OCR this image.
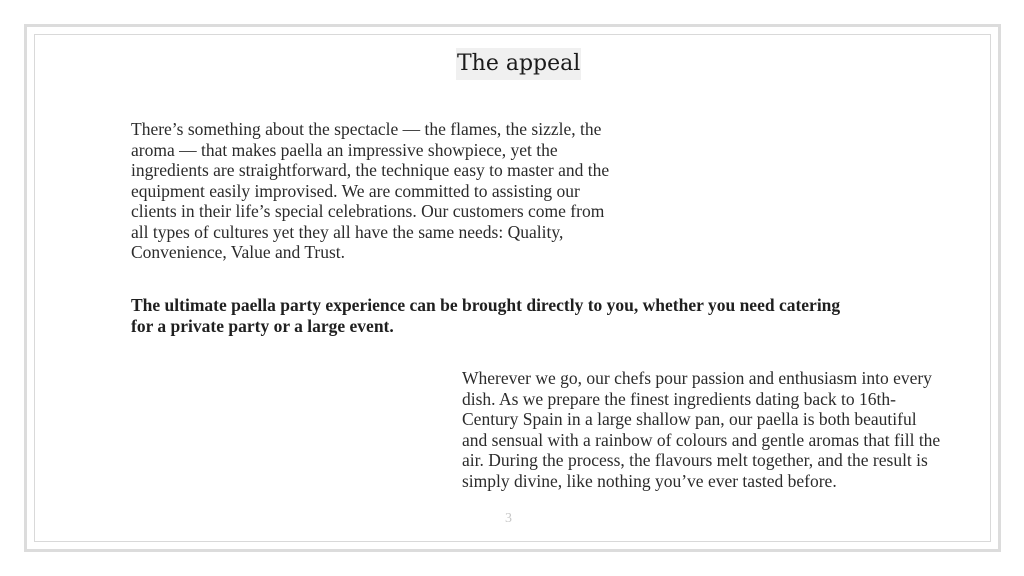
The appeal
There’s something about the spectacle — the flames, the sizzle, the aroma — that makes paella an impressive showpiece, yet the ingredients are straightforward, the technique easy to master and the equipment easily improvised. We are committed to assisting our clients in their life’s special celebrations. Our customers come from all types of cultures yet they all have the same needs: Quality, Convenience, Value and Trust.
The ultimate paella party experience can be brought directly to you, whether you need catering for a private party or a large event.
Wherever we go, our chefs pour passion and enthusiasm into every dish. As we prepare the finest ingredients dating back to 16th-Century Spain in a large shallow pan, our paella is both beautiful and sensual with a rainbow of colours and gentle aromas that fill the air. During the process, the flavours melt together, and the result is simply divine, like nothing you’ve ever tasted before.
3
